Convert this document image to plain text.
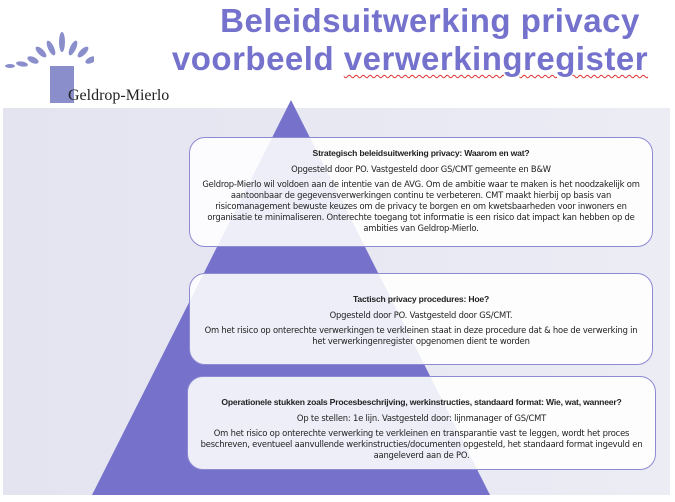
Beleidsuitwerking privacy
voorbeeld verwerkingregister
Geldrop-Mierlo
Strategisch beleidsuitwerking privacy: Waarom en wat?

Opgesteld door PO. Vastgesteld door GS/CMT gemeente en B&W

Geldrop-Mierlo wil voldoen aan de intentie van de AVG. Om de ambitie waar te maken is het noodzakelijk om aantoonbaar de gegevensverwerkingen continu te verbeteren. CMT maakt hierbij op basis van risicomanagement bewuste keuzes om de privacy te borgen en om kwetsbaarheden voor inwoners en organisatie te minimaliseren. Onterechte toegang tot informatie is een risico dat impact kan hebben op de ambities van Geldrop-Mierlo.

Tactisch privacy procedures: Hoe?

Opgesteld door PO. Vastgesteld door GS/CMT.

Om het risico op onterechte verwerkingen te verkleinen staat in deze procedure dat & hoe de verwerking in het verwerkingenregister opgenomen dient te worden

Operationele stukken zoals Procesbeschrijving, werkinstructies, standaard format: Wie, wat, wanneer?

Op te stellen: 1e lijn. Vastgesteld door: lijnmanager of GS/CMT

Om het risico op onterechte verwerking te verkleinen en transparantie vast te leggen, wordt het proces beschreven, eventueel aanvullende werkinstructies/documenten opgesteld, het standaard format ingevuld en aangeleverd aan de PO.
